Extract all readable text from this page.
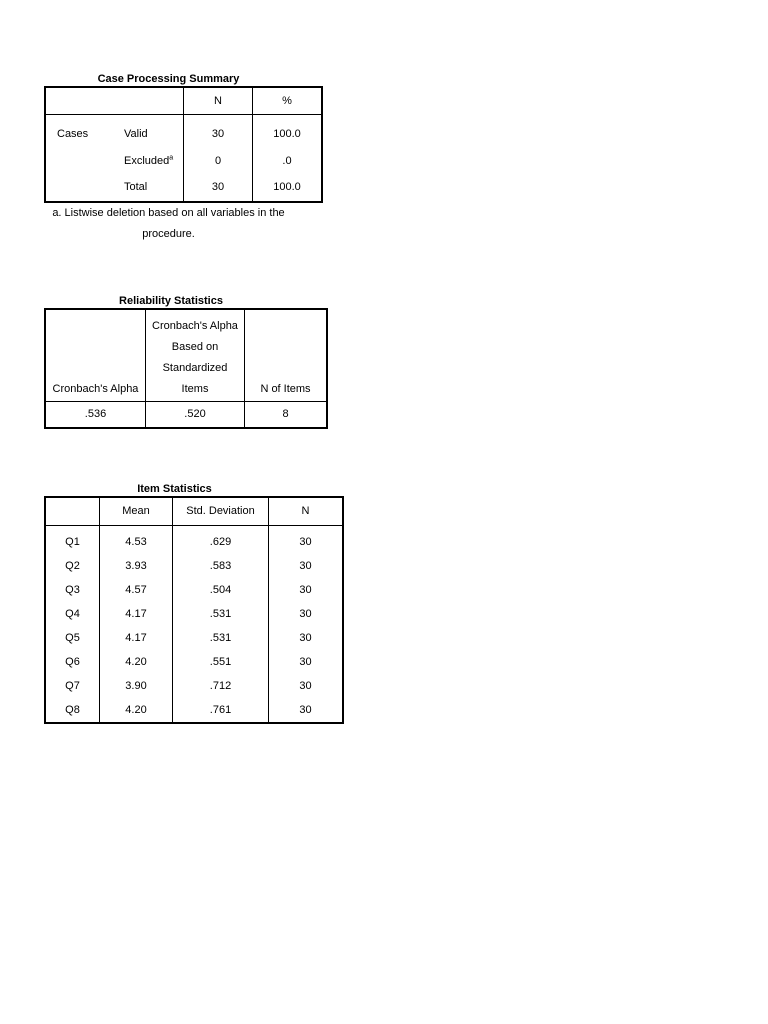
Case Processing Summary
		N	%
Cases	Valid	30	100.0
	Excluded$^a$	0	.0
	Total	30	100.0
a. Listwise deletion based on all variables in the
procedure.
Reliability Statistics
Cronbach's Alpha	Cronbach's Alpha Based on Standardized Items	N of Items
.536	.520	8
Item Statistics
	Mean	Std. Deviation	N
Q1	4.53	.629	30
Q2	3.93	.583	30
Q3	4.57	.504	30
Q4	4.17	.531	30
Q5	4.17	.531	30
Q6	4.20	.551	30
Q7	3.90	.712	30
Q8	4.20	.761	30
